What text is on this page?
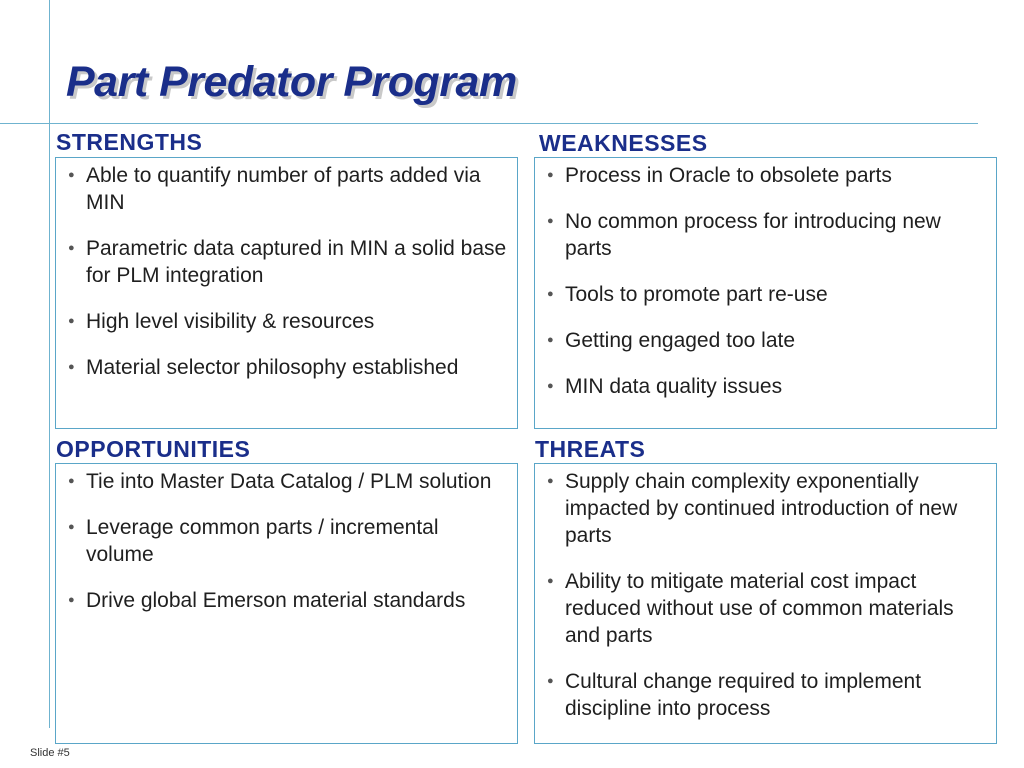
Part Predator Program
STRENGTHS
● Able to quantify number of parts added via MIN
● Parametric data captured in MIN a solid base for PLM integration
● High level visibility & resources
● Material selector philosophy established
WEAKNESSES
● Process in Oracle to obsolete parts
● No common process for introducing new parts
● Tools to promote part re-use
● Getting engaged too late
● MIN data quality issues
OPPORTUNITIES
● Tie into Master Data Catalog / PLM solution
● Leverage common parts / incremental volume
● Drive global Emerson material standards
THREATS
● Supply chain complexity exponentially impacted by continued introduction of new parts
● Ability to mitigate material cost impact reduced without use of common materials and parts
● Cultural change required to implement discipline into process
Slide #5
